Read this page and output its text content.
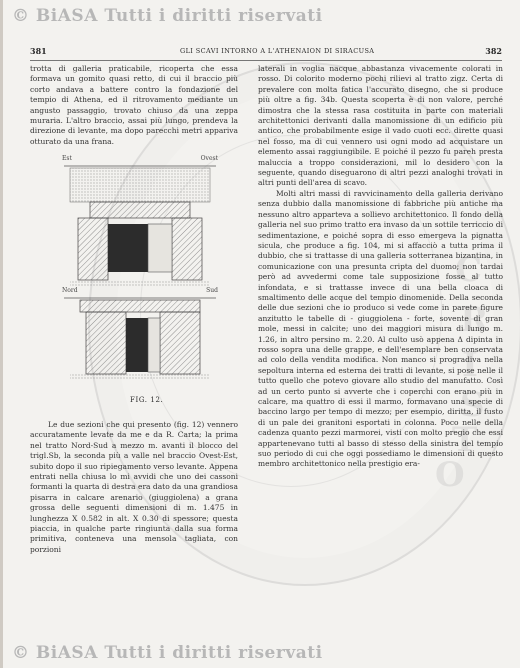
© BiASA Tutti i diritti riservati
© BiASA Tutti i diritti riservati
C
R
I
S
T
O
381	GLI SCAVI INTORNO A L'ATHENAION DI SIRACUSA	382

trotta di galleria praticabile, ricoperta che essa formava un gomito quasi retto, di cui il braccio più corto andava a battere contro la fondazione del tempio di Athena, ed il ritrovamento mediante un angusto passaggio, trovato chiuso da una zeppa muraria. L'altro braccio, assai più lungo, prendeva la direzione di levante, ma dopo parecchi metri appariva otturato da una frana.

Est	Ovest
Nord	Sud
FIG. 12.

Le due sezioni che qui presento (fig. 12) vennero accuratamente levate da me e da R. Carta; la prima nel tratto Nord-Sud a mezzo m. avanti il blocco del trigl.Sb, la seconda più a valle nel braccio Ovest-Est, subito dopo il suo ripiegamento verso levante. Appena entrati nella chiusa lo mi avvidi che uno dei cassoni formanti la quarta di destra era dato da una grandiosa pisarra in calcare arenario (giuggiolena) a grana grossa delle seguenti dimensioni di m. 1.475 in lunghezza X 0.582 in alt. X 0.30 di spessore; questa piaccia, in qualche parte ringiunta dalla sua forma primitiva, conteneva una mensola tagliata, con porzioni

laterali in voglia nacque abbastanza vivacemente colorati in rosso. Di colorito moderno pochi rilievi al tratto zigz. Certa di prevalere con molta fatica l'accurato disegno, che si produce più oltre a fig. 34b. Questa scoperta è di non valore, perché dimostra che la stessa rasa costituita in parte con materiali architettonici derivanti dalla manomissione di un edificio più antico, che probabilmente esige il vado cuoti ecc. dirette quasi nel fosso, ma di cui vennero usi ogni modo ad acquistare un elemento assai raggiungibile. E poiché il pezzo fu pareh presta maluccia a troppo considerazioni, mil lo desidero con la seguente, quando diseguarono di altri pezzi analoghi trovati in altri punti dell'area di scavo.

Molti altri massi di ravvicinamento della galleria derivano senza dubbio dalla manomissione di fabbriche più antiche ma nessuno altro apparteva a sollievo architettonico. Il fondo della galleria nel suo primo tratto era invaso da un sottile terriccio di sedimentazione, e poiché sopra di esso emergeva la pignatta sicula, che produce a fig. 104, mi si affacciò a tutta prima il dubbio, che si trattasse di una galleria sotterranea bizantina, in comunicazione con una presunta cripta del duomo; non tardai però ad avvedermi come tale supposizione fosse al tutto infondata, e si trattasse invece di una bella cloaca di smaltimento delle acque del tempio dinomenide. Della seconda delle due sezioni che io produco si vede come in parete figure anzitutto le tabelle di - giuggiolena - forte, sovente di gran mole, messi in calcite; uno dei maggiori misura di lungo m. 1.26, in altro persino m. 2.20. Al culto usò appena Δ dipinta in rosso sopra una delle grappe, e dell'esemplare ben conservata ad colo della vendita modifica. Non manco si progradiva nella sepoltura interna ed esterna dei tratti di levante, si pose nelle il tutto quello che potevo giovare allo studio del manufatto. Così ad un certo punto si avverte che i coperchi con erano più in calcare, ma quattro di essi il marmo, formavano una specie di baccino largo per tempo di mezzo; per esempio, diritta, il fusto di un pale dei granitoni esportati in colonna. Poco nelle della cadenza quanto pezzi marmorei, visti con molto pregio che essi appartenevano tutti al basso di stesso della sinistra del tempio suo periodo di cui che oggi possediamo le dimensioni di questo membro architettonico nella prestigio era-
